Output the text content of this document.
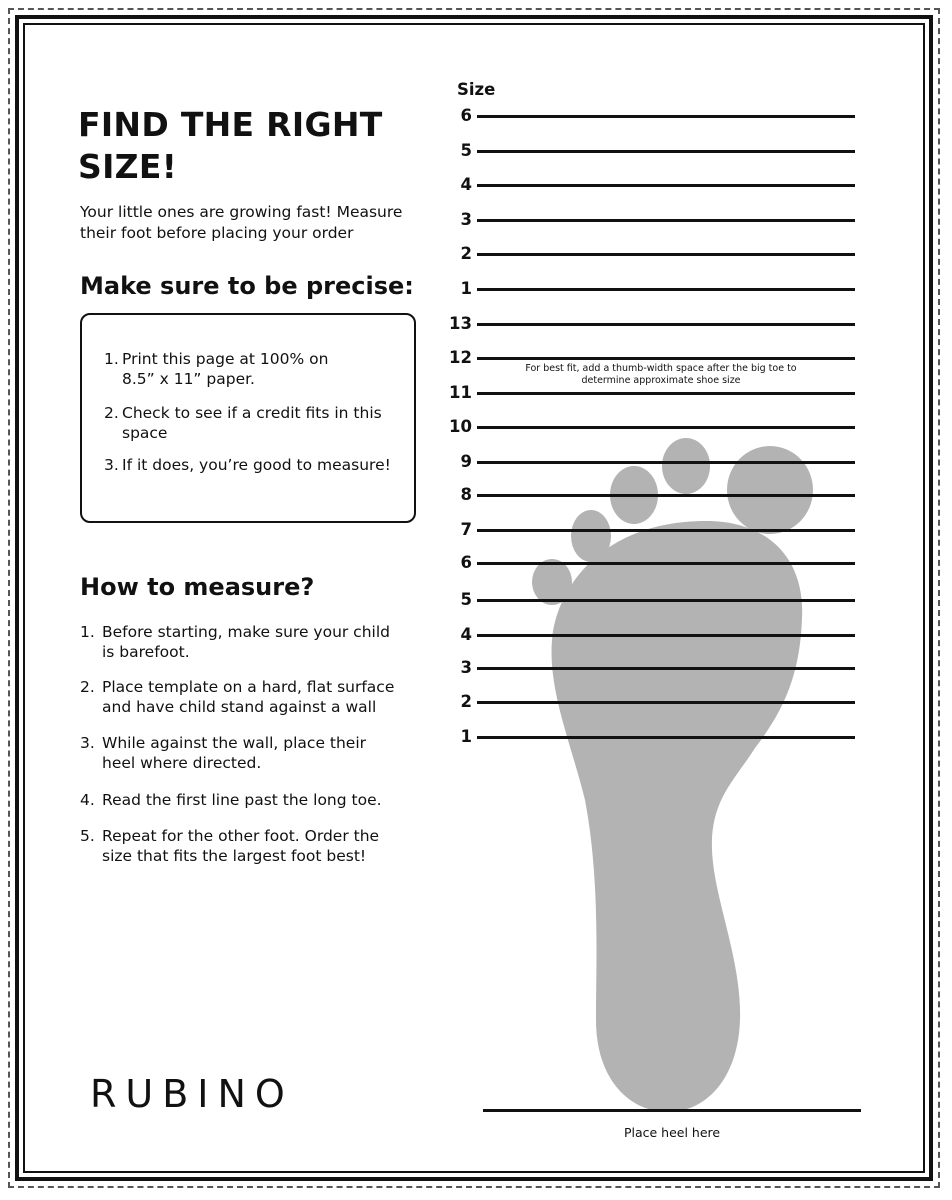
FIND THE RIGHT SIZE!

Your little ones are growing fast! Measure their foot before placing your order

Make sure to be precise:
1. Print this page at 100% on 8.5” x 11” paper.
2. Check to see if a credit fits in this space
3. If it does, you’re good to measure!
How to measure?
1. Before starting, make sure your child is barefoot.
2. Place template on a hard, flat surface and have child stand against a wall
3. While against the wall, place their heel where directed.
4. Read the first line past the long toe.
5. Repeat for the other foot. Order the size that fits the largest foot best!
RUBINO
Size
6
5
4
3
2
1
13
12
11
10
9
8
7
6
5
4
3
2
1

For best fit, add a thumb-width space after the big toe to determine approximate shoe size

Place heel here
